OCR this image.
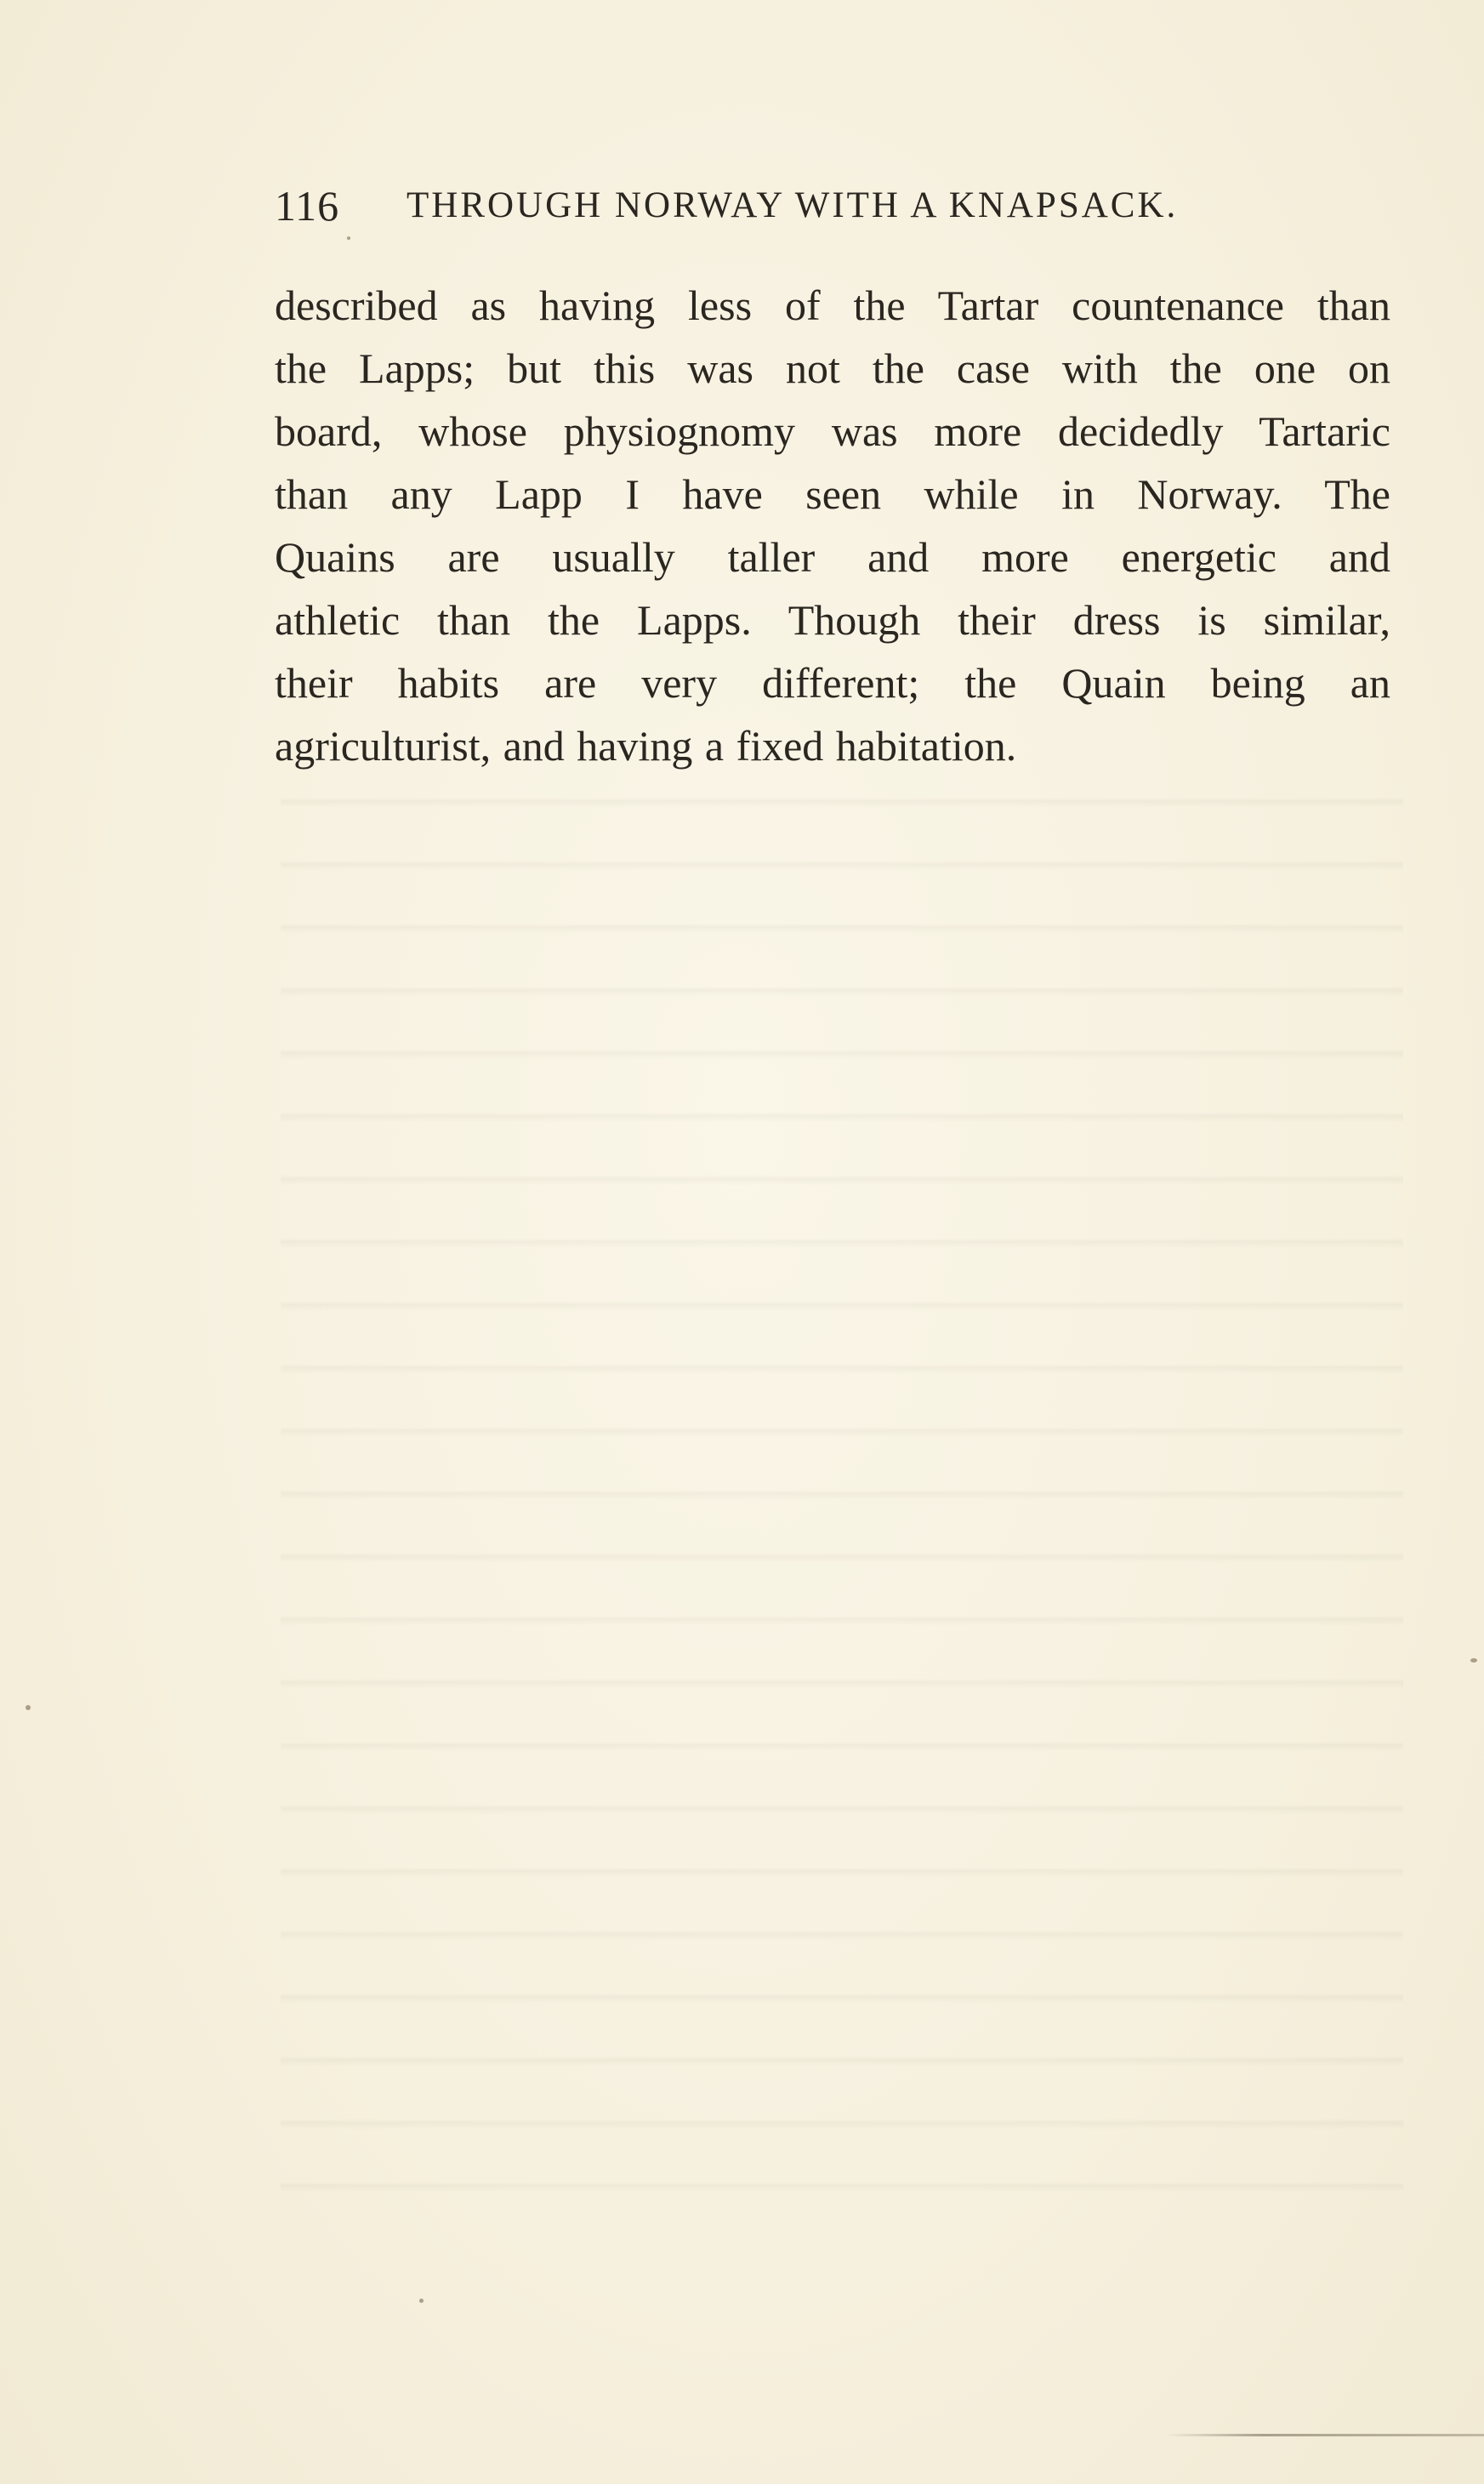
116 THROUGH NORWAY WITH A KNAPSACK.
described as having less of the Tartar countenance than
the Lapps; but this was not the case with the one on
board, whose physiognomy was more decidedly Tartaric
than any Lapp I have seen while in Norway. The
Quains are usually taller and more energetic and
athletic than the Lapps. Though their dress is similar,
their habits are very different; the Quain being an
agriculturist, and having a fixed habitation.
